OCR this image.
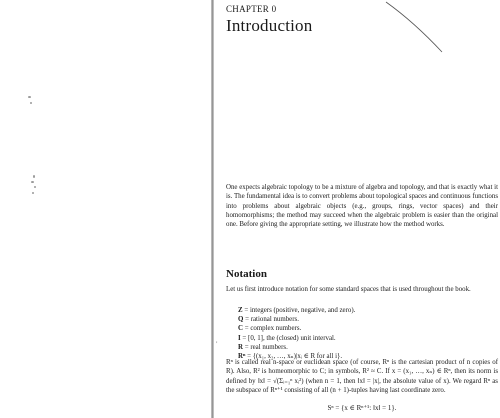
,
CHAPTER 0
Introduction

One expects algebraic topology to be a mixture of algebra and topology, and that is exactly what it is. The fundamental idea is to convert problems about topological spaces and continuous functions into problems about algebraic objects (e.g., groups, rings, vector spaces) and their homomorphisms; the method may succeed when the algebraic problem is easier than the original one. Before giving the appropriate setting, we illustrate how the method works.

Notation

Let us first introduce notation for some standard spaces that is used throughout the book.

Z = integers (positive, negative, and zero).
Q = rational numbers.
C = complex numbers.
I = [0, 1], the (closed) unit interval.
R = real numbers.
Rⁿ = {(x₁, x₂, …, xₙ)|xᵢ ∈ R for all i}.

Rⁿ is called real n-space or euclidean space (of course, Rⁿ is the cartesian product of n copies of R). Also, R² is homeomorphic to C; in symbols, R² ≈ C. If x = (x₁, …, xₙ) ∈ Rⁿ, then its norm is defined by ‖x‖ = √(Σᵢ₌₁ⁿ xᵢ²) (when n = 1, then ‖x‖ = |x|, the absolute value of x). We regard Rⁿ as the subspace of Rⁿ⁺¹ consisting of all (n + 1)-tuples having last coordinate zero.

Sⁿ = {x ∈ Rⁿ⁺¹: ‖x‖ = 1}.
